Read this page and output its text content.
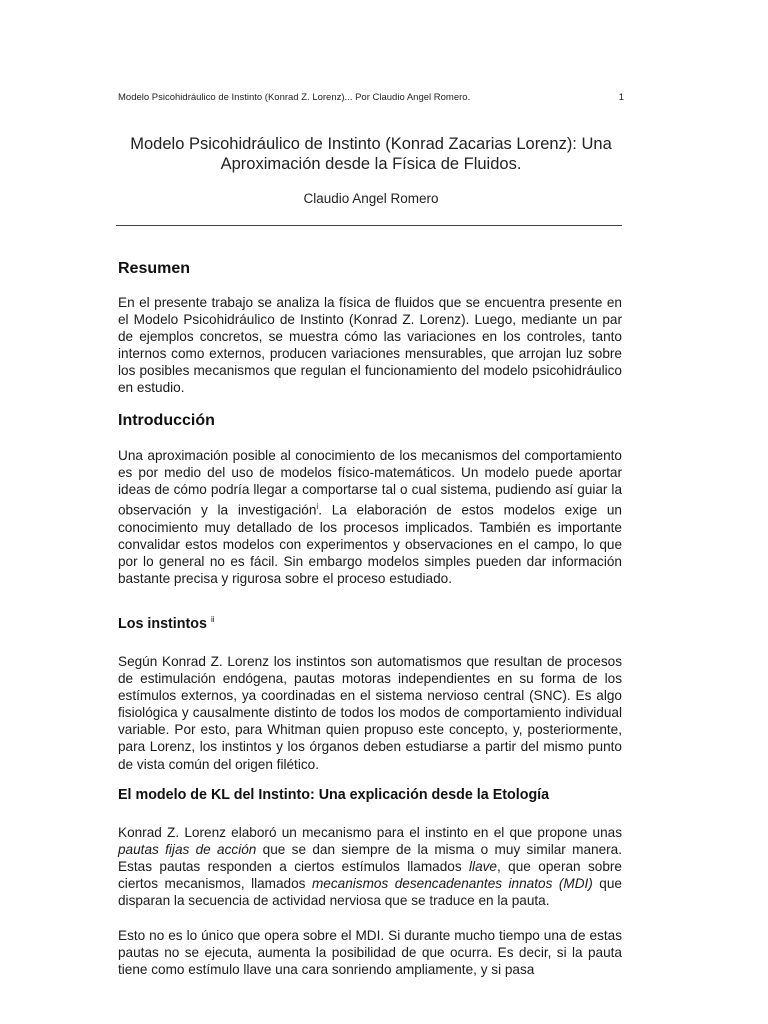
Modelo Psicohidráulico de Instinto (Konrad Z. Lorenz)... Por Claudio Angel Romero.	1
Modelo Psicohidráulico de Instinto (Konrad Zacarias Lorenz): Una
Aproximación desde la Física de Fluidos.
Claudio Angel Romero
Resumen

En el presente trabajo se analiza la física de fluidos que se encuentra presente en el Modelo Psicohidráulico de Instinto (Konrad Z. Lorenz). Luego, mediante un par de ejemplos concretos, se muestra cómo las variaciones en los controles, tanto internos como externos, producen variaciones mensurables, que arrojan luz sobre los posibles mecanismos que regulan el funcionamiento del modelo psicohidráulico en estudio.

Introducción

Una aproximación posible al conocimiento de los mecanismos del comportamiento es por medio del uso de modelos físico-matemáticos. Un modelo puede aportar ideas de cómo podría llegar a comportarse tal o cual sistema, pudiendo así guiar la observación y la investigación$^i$. La elaboración de estos modelos exige un conocimiento muy detallado de los procesos implicados. También es importante convalidar estos modelos con experimentos y observaciones en el campo, lo que por lo general no es fácil. Sin embargo modelos simples pueden dar información bastante precisa y rigurosa sobre el proceso estudiado.

Los instintos $^{ii}$

Según Konrad Z. Lorenz los instintos son automatismos que resultan de procesos de estimulación endógena, pautas motoras independientes en su forma de los estímulos externos, ya coordinadas en el sistema nervioso central (SNC). Es algo fisiológica y causalmente distinto de todos los modos de comportamiento individual variable. Por esto, para Whitman quien propuso este concepto, y, posteriormente, para Lorenz, los instintos y los órganos deben estudiarse a partir del mismo punto de vista común del origen filético.

El modelo de KL del Instinto: Una explicación desde la Etología

Konrad Z. Lorenz elaboró un mecanismo para el instinto en el que propone unas pautas fijas de acción que se dan siempre de la misma o muy similar manera. Estas pautas responden a ciertos estímulos llamados llave, que operan sobre ciertos mecanismos, llamados mecanismos desencadenantes innatos (MDI) que disparan la secuencia de actividad nerviosa que se traduce en la pauta.

Esto no es lo único que opera sobre el MDI. Si durante mucho tiempo una de estas pautas no se ejecuta, aumenta la posibilidad de que ocurra. Es decir, si la pauta tiene como estímulo llave una cara sonriendo ampliamente, y si pasa
